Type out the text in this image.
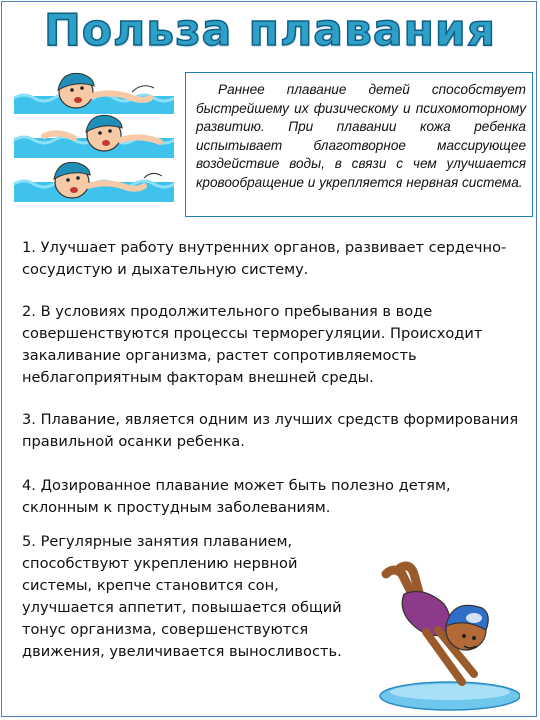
Польза плавания
Раннее плавание детей способствует быстрейшему их физическому и психомоторному развитию. При плавании кожа ребенка испытывает благотворное массирующее воздействие воды, в связи с чем улучшается кровообращение и укрепляется нервная система.
1. Улучшает работу внутренних органов, развивает сердечно-сосудистую и дыхательную систему.
2. В условиях продолжительного пребывания в воде совершенствуются процессы терморегуляции. Происходит закаливание организма, растет сопротивляемость неблагоприятным факторам внешней среды.
3. Плавание, является одним из лучших средств формирования правильной осанки ребенка.
4. Дозированное плавание может быть полезно детям, склонным к простудным заболеваниям.
5. Регулярные занятия плаванием, способствуют укреплению нервной системы, крепче становится сон, улучшается аппетит, повышается общий тонус организма, совершенствуются движения, увеличивается выносливость.
